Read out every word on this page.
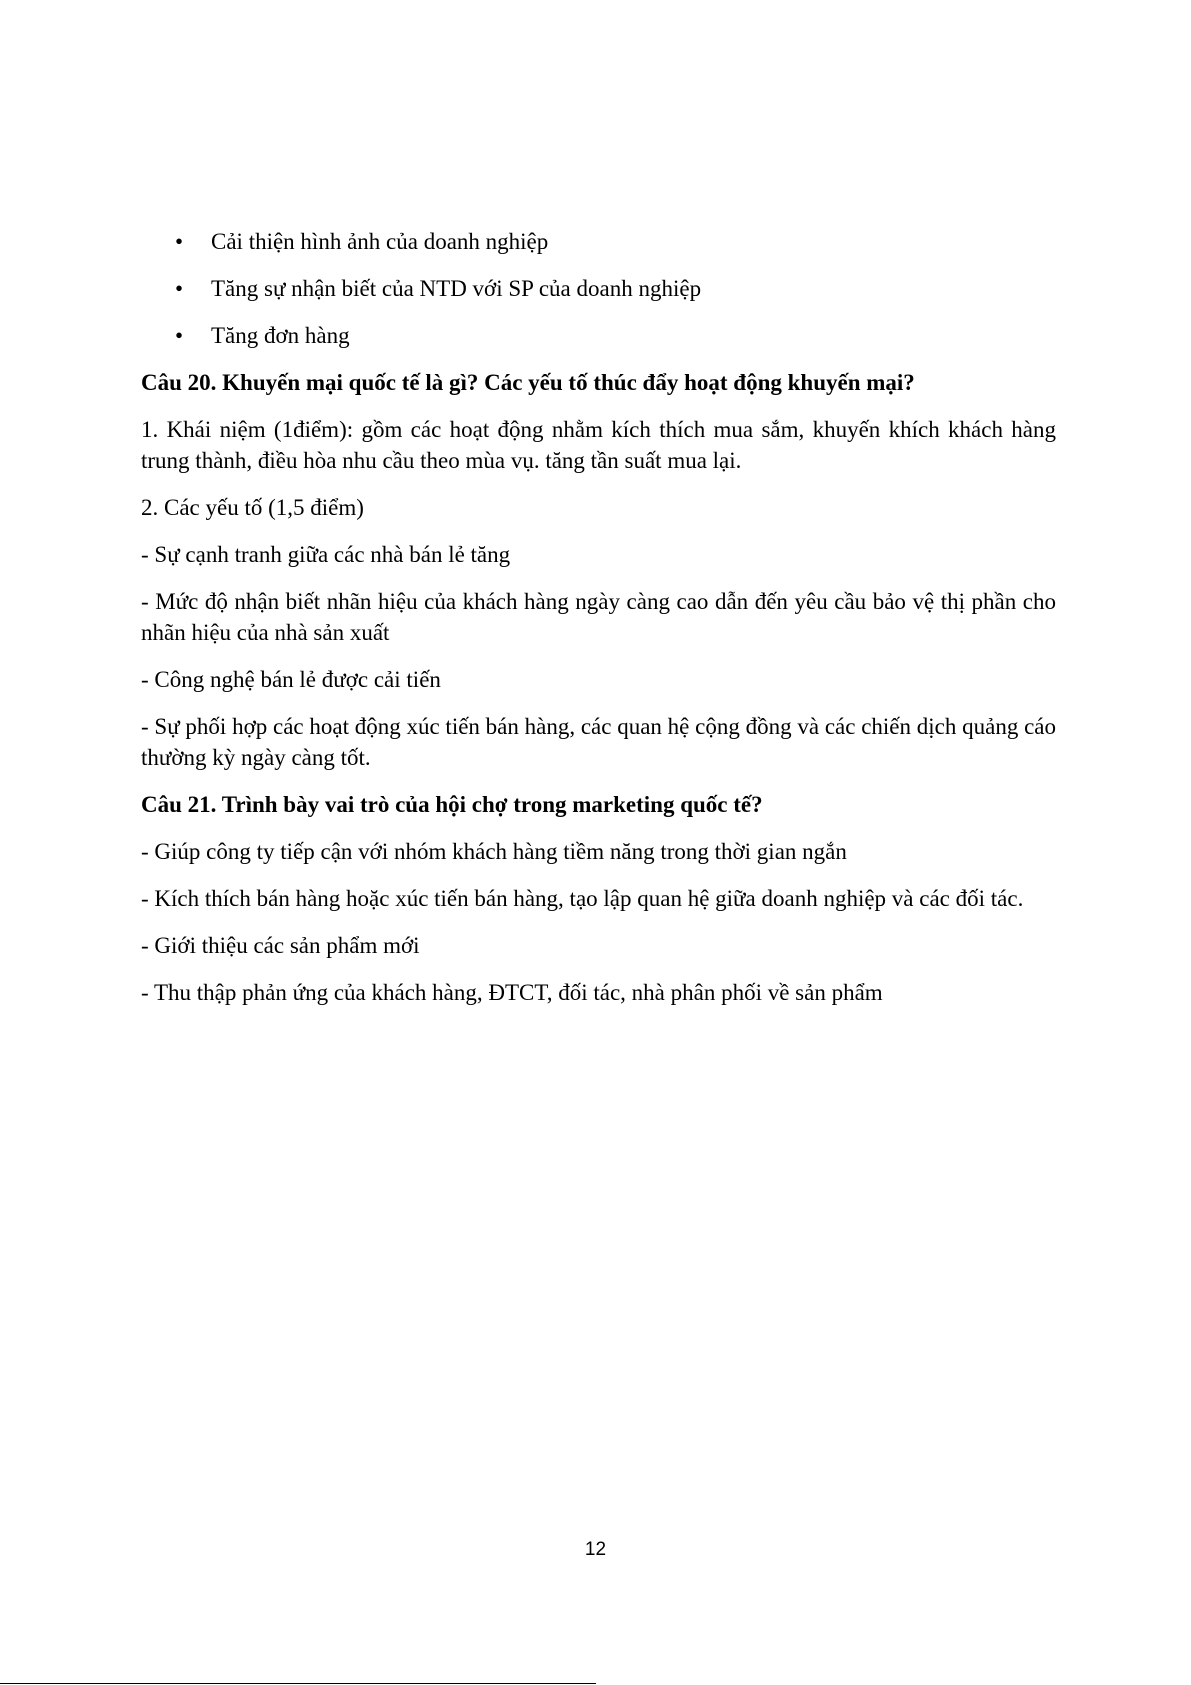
• Cải thiện hình ảnh của doanh nghiệp
• Tăng sự nhận biết của NTD với SP của doanh nghiệp
• Tăng đơn hàng

Câu 20. Khuyến mại quốc tế là gì? Các yếu tố thúc đẩy hoạt động khuyến mại?

1. Khái niệm (1điểm): gồm các hoạt động nhằm kích thích mua sắm, khuyến khích khách hàng trung thành, điều hòa nhu cầu theo mùa vụ. tăng tần suất mua lại.

2. Các yếu tố (1,5 điểm)

- Sự cạnh tranh giữa các nhà bán lẻ tăng

- Mức độ nhận biết nhãn hiệu của khách hàng ngày càng cao dẫn đến yêu cầu bảo vệ thị phần cho nhãn hiệu của nhà sản xuất

- Công nghệ bán lẻ được cải tiến

- Sự phối hợp các hoạt động xúc tiến bán hàng, các quan hệ cộng đồng và các chiến dịch quảng cáo thường kỳ ngày càng tốt.

Câu 21. Trình bày vai trò của hội chợ trong marketing quốc tế?

- Giúp công ty tiếp cận với nhóm khách hàng tiềm năng trong thời gian ngắn

- Kích thích bán hàng hoặc xúc tiến bán hàng, tạo lập quan hệ giữa doanh nghiệp và các đối tác.

- Giới thiệu các sản phẩm mới

- Thu thập phản ứng của khách hàng, ĐTCT, đối tác, nhà phân phối về sản phẩm

12
